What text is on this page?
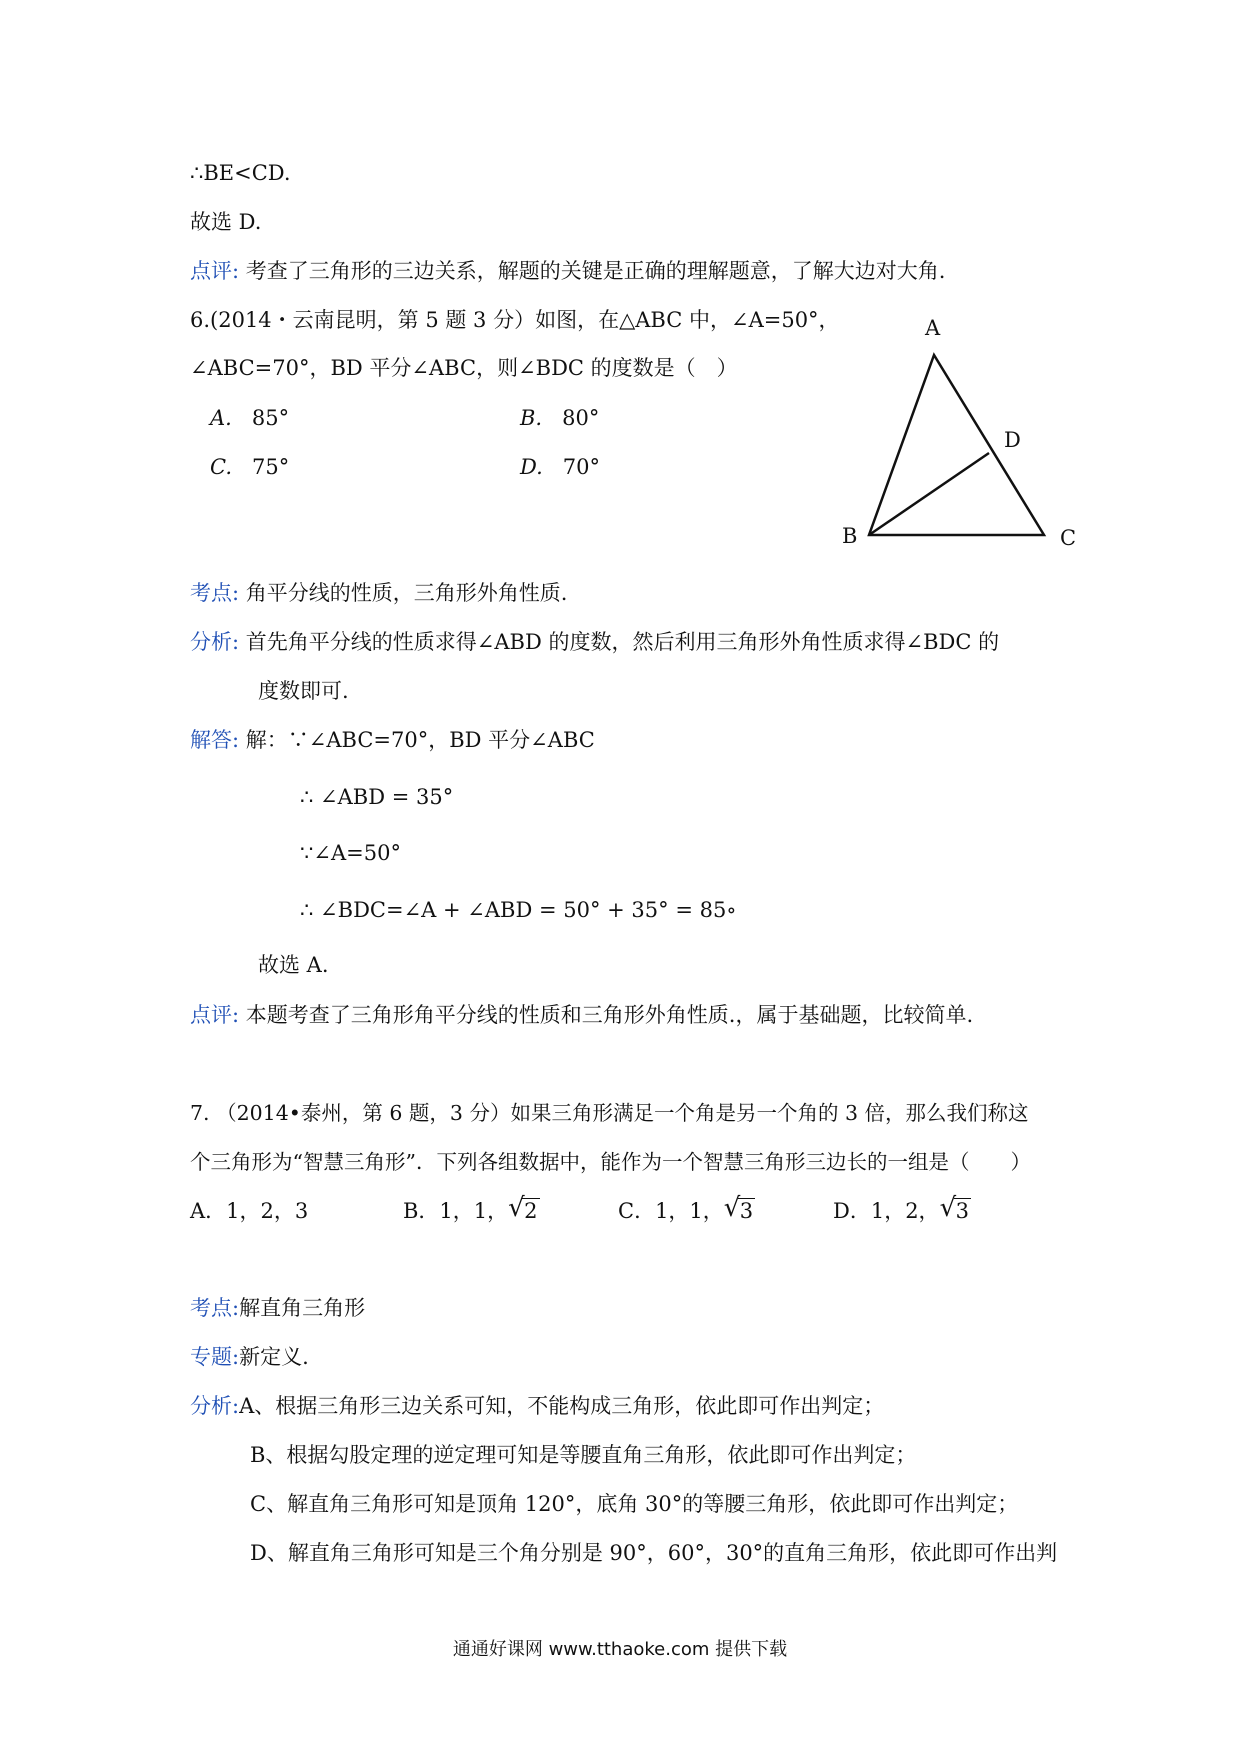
∴BE<CD.
故选 D.
点评: 考查了三角形的三边关系，解题的关键是正确的理解题意，了解大边对大角.
6.(2014・云南昆明，第 5 题 3 分）如图，在△ABC 中，∠A=50°，
∠ABC=70°，BD 平分∠ABC，则∠BDC 的度数是（　）
A. 85°	B. 80°
C. 75°	D. 70°
A
D
B	C
考点: 角平分线的性质，三角形外角性质.
分析: 首先角平分线的性质求得∠ABD 的度数，然后利用三角形外角性质求得∠BDC 的
度数即可.
解答: 解：∵∠ABC=70°，BD 平分∠ABC
∴ ∠ABD = 35°
∵∠A=50°
∴ ∠BDC=∠A + ∠ABD = 50° + 35° = 85∘
故选 A.
点评: 本题考查了三角形角平分线的性质和三角形外角性质.，属于基础题，比较简单.
7. （2014•泰州，第 6 题，3 分）如果三角形满足一个角是另一个角的 3 倍，那么我们称这
个三角形为“智慧三角形”．下列各组数据中，能作为一个智慧三角形三边长的一组是（　　）
A．1，2，3	B．1，1， √ 2	C．1，1， √ 3	D．1，2， √ 3
考点:解直角三角形
专题:新定义.
分析:A、根据三角形三边关系可知，不能构成三角形，依此即可作出判定；
B、根据勾股定理的逆定理可知是等腰直角三角形，依此即可作出判定；
C、解直角三角形可知是顶角 120°，底角 30°的等腰三角形，依此即可作出判定；
D、解直角三角形可知是三个角分别是 90°，60°，30°的直角三角形，依此即可作出判
通通好课网 www.tthaoke.com 提供下载
